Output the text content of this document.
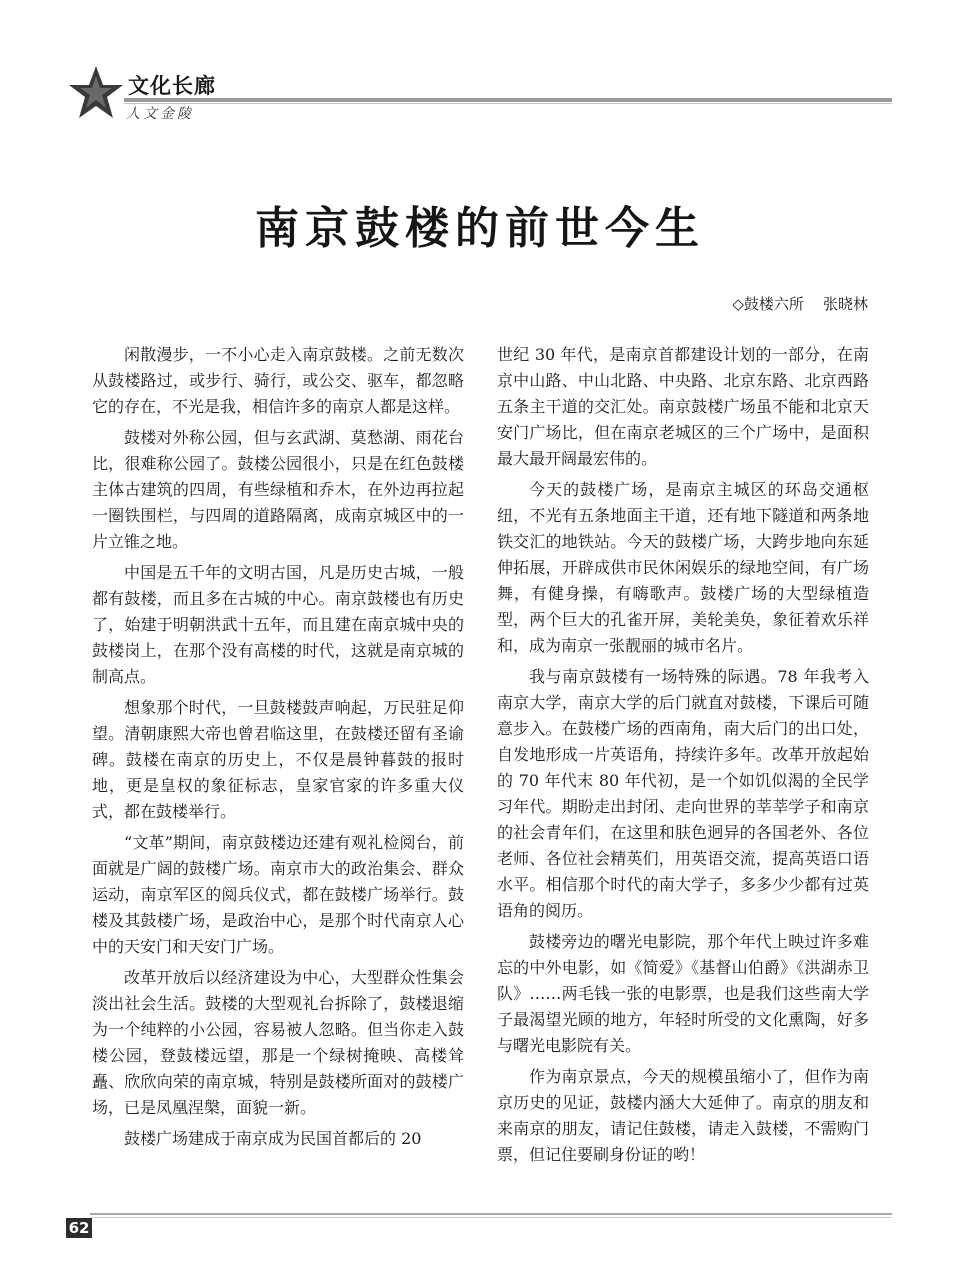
文化长廊
人文金陵
南京鼓楼的前世今生
◇鼓楼六所 张晓林

闲散漫步，一不小心走入南京鼓楼。之前无数次从鼓楼路过，或步行、骑行，或公交、驱车，都忽略它的存在，不光是我，相信许多的南京人都是这样。

鼓楼对外称公园，但与玄武湖、莫愁湖、雨花台比，很难称公园了。鼓楼公园很小，只是在红色鼓楼主体古建筑的四周，有些绿植和乔木，在外边再拉起一圈铁围栏，与四周的道路隔离，成南京城区中的一片立锥之地。

中国是五千年的文明古国，凡是历史古城，一般都有鼓楼，而且多在古城的中心。南京鼓楼也有历史了，始建于明朝洪武十五年，而且建在南京城中央的鼓楼岗上，在那个没有高楼的时代，这就是南京城的制高点。

想象那个时代，一旦鼓楼鼓声响起，万民驻足仰望。清朝康熙大帝也曾君临这里，在鼓楼还留有圣谕碑。鼓楼在南京的历史上，不仅是晨钟暮鼓的报时地，更是皇权的象征标志，皇家官家的许多重大仪式，都在鼓楼举行。

“文革”期间，南京鼓楼边还建有观礼检阅台，前面就是广阔的鼓楼广场。南京市大的政治集会、群众运动，南京军区的阅兵仪式，都在鼓楼广场举行。鼓楼及其鼓楼广场，是政治中心，是那个时代南京人心中的天安门和天安门广场。

改革开放后以经济建设为中心，大型群众性集会淡出社会生活。鼓楼的大型观礼台拆除了，鼓楼退缩为一个纯粹的小公园，容易被人忽略。但当你走入鼓楼公园，登鼓楼远望，那是一个绿树掩映、高楼耸矗、欣欣向荣的南京城，特别是鼓楼所面对的鼓楼广场，已是凤凰涅槃，面貌一新。

鼓楼广场建成于南京成为民国首都后的 20

世纪 30 年代，是南京首都建设计划的一部分，在南京中山路、中山北路、中央路、北京东路、北京西路五条主干道的交汇处。南京鼓楼广场虽不能和北京天安门广场比，但在南京老城区的三个广场中，是面积最大最开阔最宏伟的。

今天的鼓楼广场，是南京主城区的环岛交通枢纽，不光有五条地面主干道，还有地下隧道和两条地铁交汇的地铁站。今天的鼓楼广场，大跨步地向东延伸拓展，开辟成供市民休闲娱乐的绿地空间，有广场舞，有健身操，有嗨歌声。鼓楼广场的大型绿植造型，两个巨大的孔雀开屏，美轮美奂，象征着欢乐祥和，成为南京一张靓丽的城市名片。

我与南京鼓楼有一场特殊的际遇。78 年我考入南京大学，南京大学的后门就直对鼓楼，下课后可随意步入。在鼓楼广场的西南角，南大后门的出口处，自发地形成一片英语角，持续许多年。改革开放起始的 70 年代末 80 年代初，是一个如饥似渴的全民学习年代。期盼走出封闭、走向世界的莘莘学子和南京的社会青年们，在这里和肤色迥异的各国老外、各位老师、各位社会精英们，用英语交流，提高英语口语水平。相信那个时代的南大学子，多多少少都有过英语角的阅历。

鼓楼旁边的曙光电影院，那个年代上映过许多难忘的中外电影，如《简爱》《基督山伯爵》《洪湖赤卫队》……两毛钱一张的电影票，也是我们这些南大学子最渴望光顾的地方，年轻时所受的文化熏陶，好多与曙光电影院有关。

作为南京景点，今天的规模虽缩小了，但作为南京历史的见证，鼓楼内涵大大延伸了。南京的朋友和来南京的朋友，请记住鼓楼，请走入鼓楼，不需购门票，但记住要刷身份证的哟！

62
